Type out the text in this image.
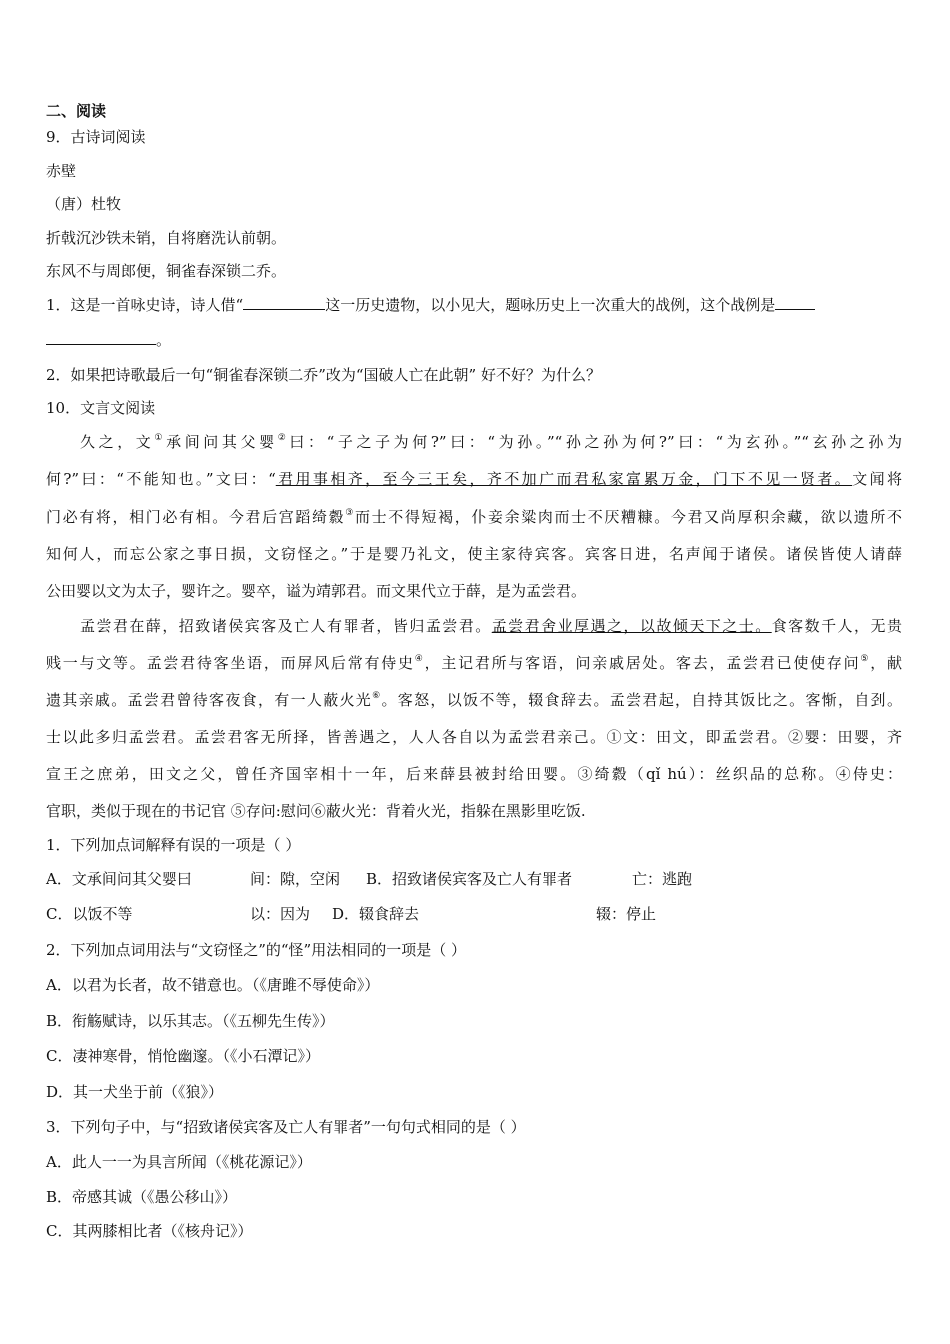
二、阅读
9．古诗词阅读
赤壁
（唐）杜牧
折戟沉沙铁未销，自将磨洗认前朝。
东风不与周郎便，铜雀春深锁二乔。
1．这是一首咏史诗，诗人借“	这一历史遗物，以小见大，题咏历史上一次重大的战例，这个战例是
。
2．如果把诗歌最后一句“铜雀春深锁二乔”改为“国破人亡在此朝” 好不好？为什么？
10．文言文阅读
久之，文①承间问其父婴②曰：“子之子为何?”曰：“为孙。”“孙之孙为何?”曰：“为玄孙。”“玄孙之孙为
何?”曰：“不能知也。”文曰：“君用事相齐，至今三王矣，齐不加广而君私家富累万金，门下不见一贤者。文闻将
门必有将，相门必有相。今君后宫蹈绮縠③而士不得短褐，仆妾余粱肉而士不厌糟糠。今君又尚厚积余藏，欲以遗所不
知何人，而忘公家之事日损，文窃怪之。”于是婴乃礼文，使主家待宾客。宾客日进，名声闻于诸侯。诸侯皆使人请薛
公田婴以文为太子，婴许之。婴卒，谥为靖郭君。而文果代立于薛，是为孟尝君。
孟尝君在薛，招致诸侯宾客及亡人有罪者，皆归孟尝君。孟尝君舍业厚遇之，以故倾天下之士。食客数千人，无贵
贱一与文等。孟尝君待客坐语，而屏风后常有侍史④，主记君所与客语，问亲戚居处。客去，孟尝君已使使存问⑤，献
遗其亲戚。孟尝君曾待客夜食，有一人蔽火光⑥。客怒，以饭不等，辍食辞去。孟尝君起，自持其饭比之。客惭，自刭。
士以此多归孟尝君。孟尝君客无所择，皆善遇之，人人各自以为孟尝君亲己。①文：田文，即孟尝君。②婴：田婴，齐
宣王之庶弟，田文之父，曾任齐国宰相十一年，后来薛县被封给田婴。③绮縠（qǐ hú）：丝织品的总称。④侍史：
官职，类似于现在的书记官 ⑤存问:慰问⑥蔽火光：背着火光，指躲在黑影里吃饭.
1．下列加点词解释有误的一项是（ ）
A．文承间问其父婴曰	间：隙，空闲 B．招致诸侯宾客及亡人有罪者	亡：逃跑
C．以饭不等	以：因为 D．辍食辞去	辍：停止
2．下列加点词用法与“文窃怪之”的“怪”用法相同的一项是（ ）
A．以君为长者，故不错意也。（《唐雎不辱使命》）
B．衔觞赋诗，以乐其志。（《五柳先生传》）
C．凄神寒骨，悄怆幽邃。（《小石潭记》）
D．其一犬坐于前（《狼》）
3．下列句子中，与“招致诸侯宾客及亡人有罪者”一句句式相同的是（ ）
A．此人一一为具言所闻（《桃花源记》）
B．帝感其诚（《愚公移山》）
C．其两膝相比者（《核舟记》）
